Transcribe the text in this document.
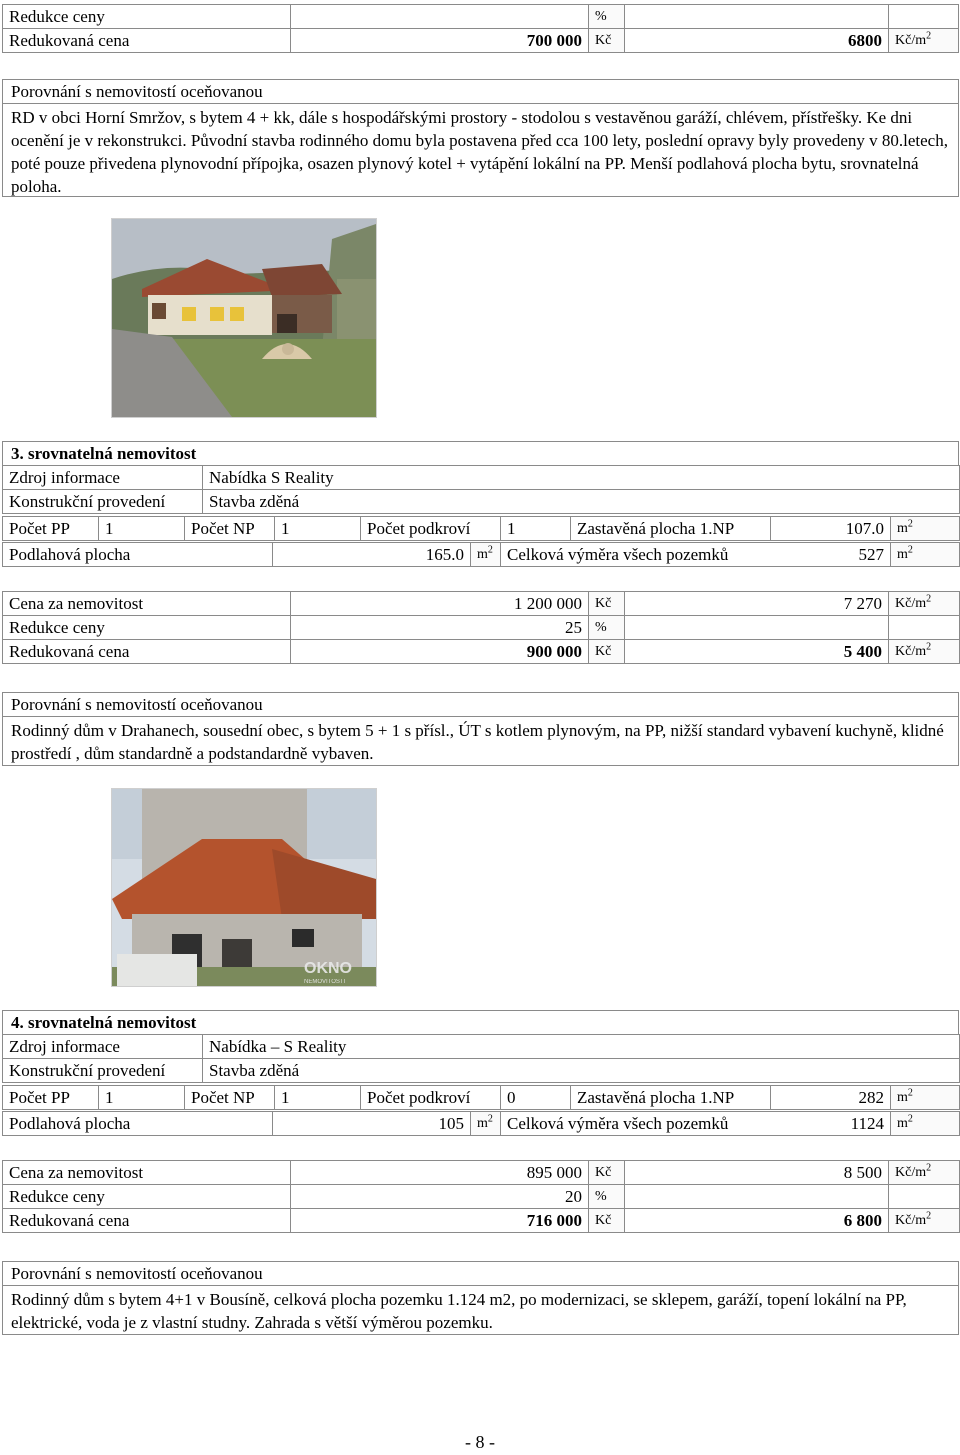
Redukce ceny		%		
Redukovaná cena	700 000	Kč	6800	$Kč/m^2$
Porovnání s nemovitostí oceňovanou
RD v obci Horní Smržov, s bytem 4 + kk, dále s hospodářskými prostory - stodolou s vestavěnou garáží, chlévem, přístřešky. Ke dni ocenění je v rekonstrukci. Původní stavba rodinného domu byla postavena před cca 100 lety, poslední opravy byly provedeny v 80.letech, poté pouze přivedena plynovodní přípojka, osazen plynový kotel + vytápění lokální na PP. Menší podlahová plocha bytu, srovnatelná poloha.
3. srovnatelná nemovitost
Zdroj informace	Nabídka S Reality
Konstrukční provedení	Stavba zděná
Počet PP	1	Počet NP	1	Počet podkroví	1	Zastavěná plocha 1.NP	107.0	$m^2$
Podlahová plocha	165.0	$m^2$	Celková výměra všech pozemků	527	$m^2$
Cena za nemovitost	1 200 000	Kč	7 270	$Kč/m^2$
Redukce ceny	25	%		
Redukovaná cena	900 000	Kč	5 400	$Kč/m^2$
Porovnání s nemovitostí oceňovanou
Rodinný dům v Drahanech, sousední obec, s bytem 5 + 1 s přísl., ÚT s kotlem plynovým, na PP, nižší standard vybavení kuchyně, klidné prostředí , dům standardně a podstandardně vybaven.
OKNO
NEMOVITOSTI
4. srovnatelná nemovitost
Zdroj informace	Nabídka – S Reality
Konstrukční provedení	Stavba zděná
Počet PP	1	Počet NP	1	Počet podkroví	0	Zastavěná plocha 1.NP	282	$m^2$
Podlahová plocha	105	$m^2$	Celková výměra všech pozemků	1124	$m^2$
Cena za nemovitost	895 000	Kč	8 500	$Kč/m^2$
Redukce ceny	20	%		
Redukovaná cena	716 000	Kč	6 800	$Kč/m^2$
Porovnání s nemovitostí oceňovanou
Rodinný dům s bytem 4+1 v Bousíně, celková plocha pozemku 1.124 m2, po modernizaci, se sklepem, garáží, topení lokální na PP, elektrické, voda je z vlastní studny. Zahrada s větší výměrou pozemku.
- 8 -
